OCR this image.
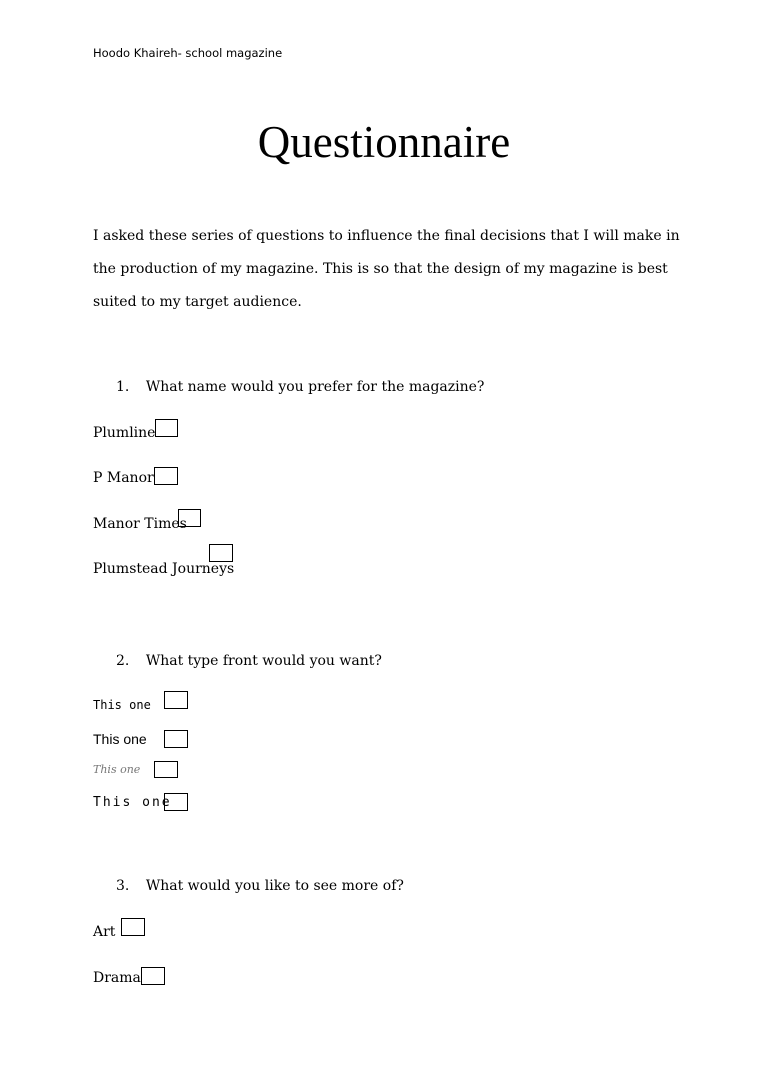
Hoodo Khaireh- school magazine
Questionnaire
I asked these series of questions to influence the final decisions that I will make in the production of my magazine. This is so that the design of my magazine is best suited to my target audience.
1. What name would you prefer for the magazine?
Plumline
P Manor
Manor Times
Plumstead Journeys
2. What type front would you want?
This one
This one
This one
This one
3. What would you like to see more of?
Art
Drama
